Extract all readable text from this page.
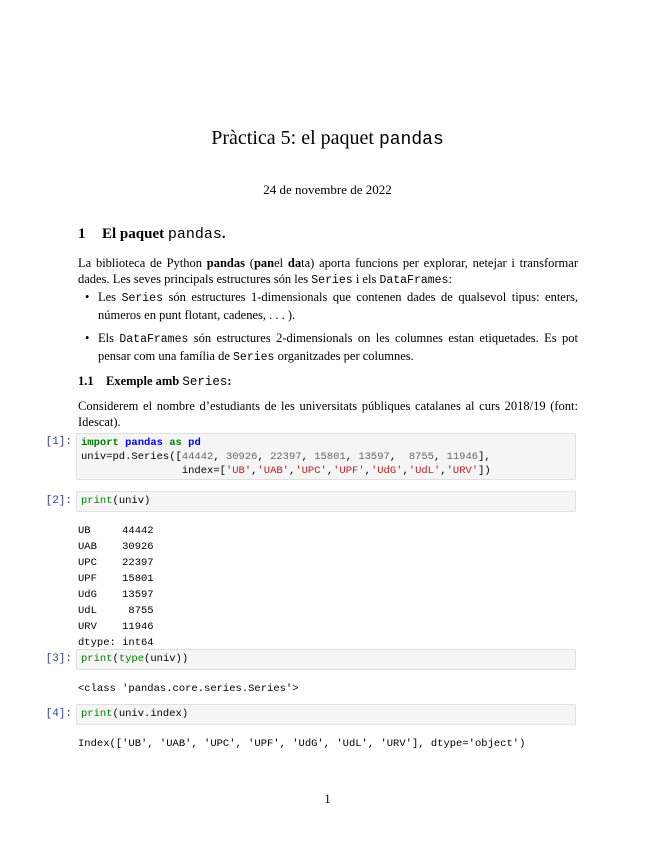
Pràctica 5: el paquet pandas
24 de novembre de 2022
1 El paquet pandas.
La biblioteca de Python pandas (panel data) aporta funcions per explorar, netejar i transformar dades. Les seves principals estructures són les Series i els DataFrames:
• Les Series són estructures 1-dimensionals que contenen dades de qualsevol tipus: enters, números en punt flotant, cadenes, . . . ).
• Els DataFrames són estructures 2-dimensionals on les columnes estan etiquetades. Es pot pensar com una família de Series organitzades per columnes.
1.1 Exemple amb Series:
Considerem el nombre d’estudiants de les universitats públiques catalanes al curs 2018/19 (font: Idescat).
[1]: import pandas as pd
univ=pd.Series([44442, 30926, 22397, 15801, 13597,  8755, 11946],
index=['UB','UAB','UPC','UPF','UdG','UdL','URV'])
[2]: print(univ)
UB     44442
UAB    30926
UPC    22397
UPF    15801
UdG    13597
UdL     8755
URV    11946
dtype: int64
[3]: print(type(univ))
<class 'pandas.core.series.Series'>
[4]: print(univ.index)
Index(['UB', 'UAB', 'UPC', 'UPF', 'UdG', 'UdL', 'URV'], dtype='object')
1
